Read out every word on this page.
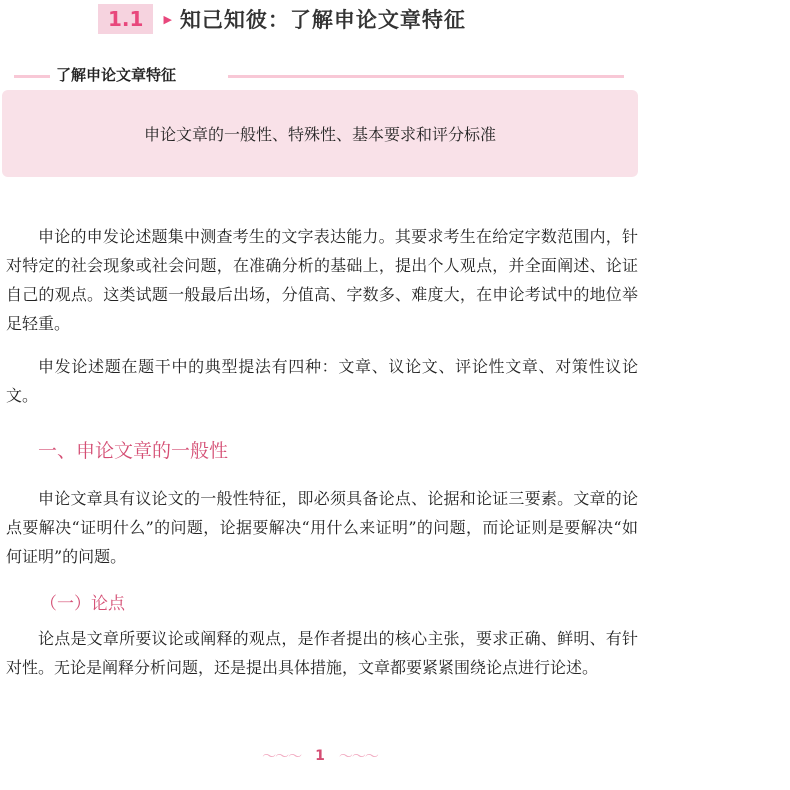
1.1	▶ 知己知彼：了解申论文章特征
了解申论文章特征
申论文章的一般性、特殊性、基本要求和评分标准

申论的申发论述题集中测查考生的文字表达能力。其要求考生在给定字数范围内，针对特定的社会现象或社会问题，在准确分析的基础上，提出个人观点，并全面阐述、论证自己的观点。这类试题一般最后出场，分值高、字数多、难度大，在申论考试中的地位举足轻重。

申发论述题在题干中的典型提法有四种：文章、议论文、评论性文章、对策性议论文。

一、申论文章的一般性

申论文章具有议论文的一般性特征，即必须具备论点、论据和论证三要素。文章的论点要解决“证明什么”的问题，论据要解决“用什么来证明”的问题，而论证则是要解决“如何证明”的问题。

（一）论点

论点是文章所要议论或阐释的观点，是作者提出的核心主张，要求正确、鲜明、有针对性。无论是阐释分析问题，还是提出具体措施，文章都要紧紧围绕论点进行论述。

〜〜〜 1 〜〜〜
